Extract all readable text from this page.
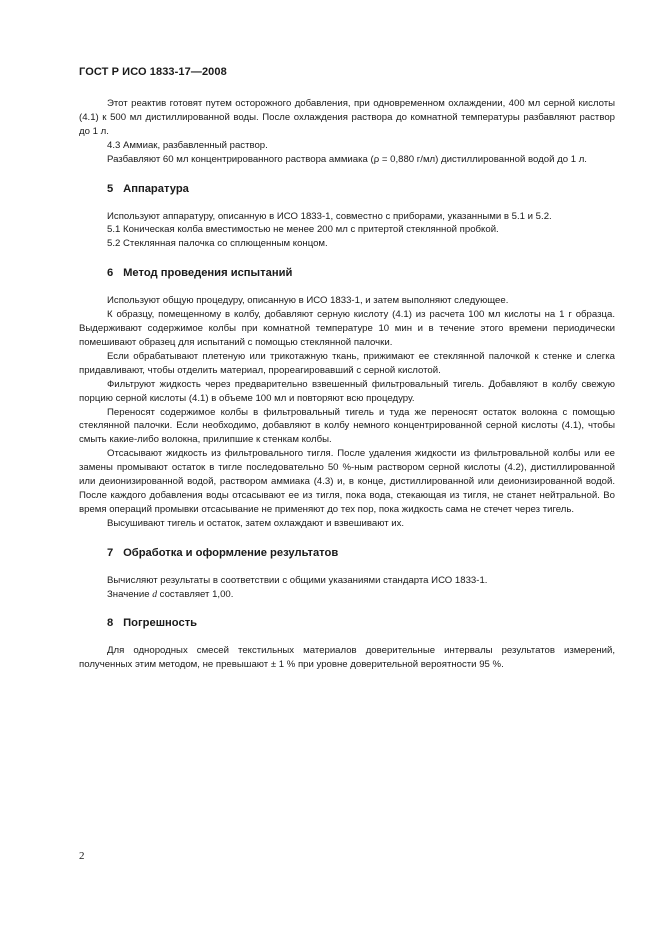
ГОСТ Р ИСО 1833-17—2008

Этот реактив готовят путем осторожного добавления, при одновременном охлаждении, 400 мл серной кислоты (4.1) к 500 мл дистиллированной воды. После охлаждения раствора до комнатной температуры разбавляют раствор до 1 л.

4.3 Аммиак, разбавленный раствор.

Разбавляют 60 мл концентрированного раствора аммиака (ρ = 0,880 г/мл) дистиллированной водой до 1 л.

5 Аппаратура

Используют аппаратуру, описанную в ИСО 1833-1, совместно с приборами, указанными в 5.1 и 5.2.

5.1 Коническая колба вместимостью не менее 200 мл с притертой стеклянной пробкой.

5.2 Стеклянная палочка со сплющенным концом.

6 Метод проведения испытаний

Используют общую процедуру, описанную в ИСО 1833-1, и затем выполняют следующее.

К образцу, помещенному в колбу, добавляют серную кислоту (4.1) из расчета 100 мл кислоты на 1 г образца. Выдерживают содержимое колбы при комнатной температуре 10 мин и в течение этого времени периодически помешивают образец для испытаний с помощью стеклянной палочки.

Если обрабатывают плетеную или трикотажную ткань, прижимают ее стеклянной палочкой к стенке и слегка придавливают, чтобы отделить материал, прореагировавший с серной кислотой.

Фильтруют жидкость через предварительно взвешенный фильтровальный тигель. Добавляют в колбу свежую порцию серной кислоты (4.1) в объеме 100 мл и повторяют всю процедуру.

Переносят содержимое колбы в фильтровальный тигель и туда же переносят остаток волокна с помощью стеклянной палочки. Если необходимо, добавляют в колбу немного концентрированной серной кислоты (4.1), чтобы смыть какие-либо волокна, прилипшие к стенкам колбы.

Отсасывают жидкость из фильтровального тигля. После удаления жидкости из фильтровальной колбы или ее замены промывают остаток в тигле последовательно 50 %-ным раствором серной кислоты (4.2), дистиллированной или деионизированной водой, раствором аммиака (4.3) и, в конце, дистиллированной или деионизированной водой. После каждого добавления воды отсасывают ее из тигля, пока вода, стекающая из тигля, не станет нейтральной. Во время операций промывки отсасывание не применяют до тех пор, пока жидкость сама не стечет через тигель.

Высушивают тигель и остаток, затем охлаждают и взвешивают их.

7 Обработка и оформление результатов

Вычисляют результаты в соответствии с общими указаниями стандарта ИСО 1833-1.

Значение d составляет 1,00.

8 Погрешность

Для однородных смесей текстильных материалов доверительные интервалы результатов измерений, полученных этим методом, не превышают ± 1 % при уровне доверительной вероятности 95 %.

2
